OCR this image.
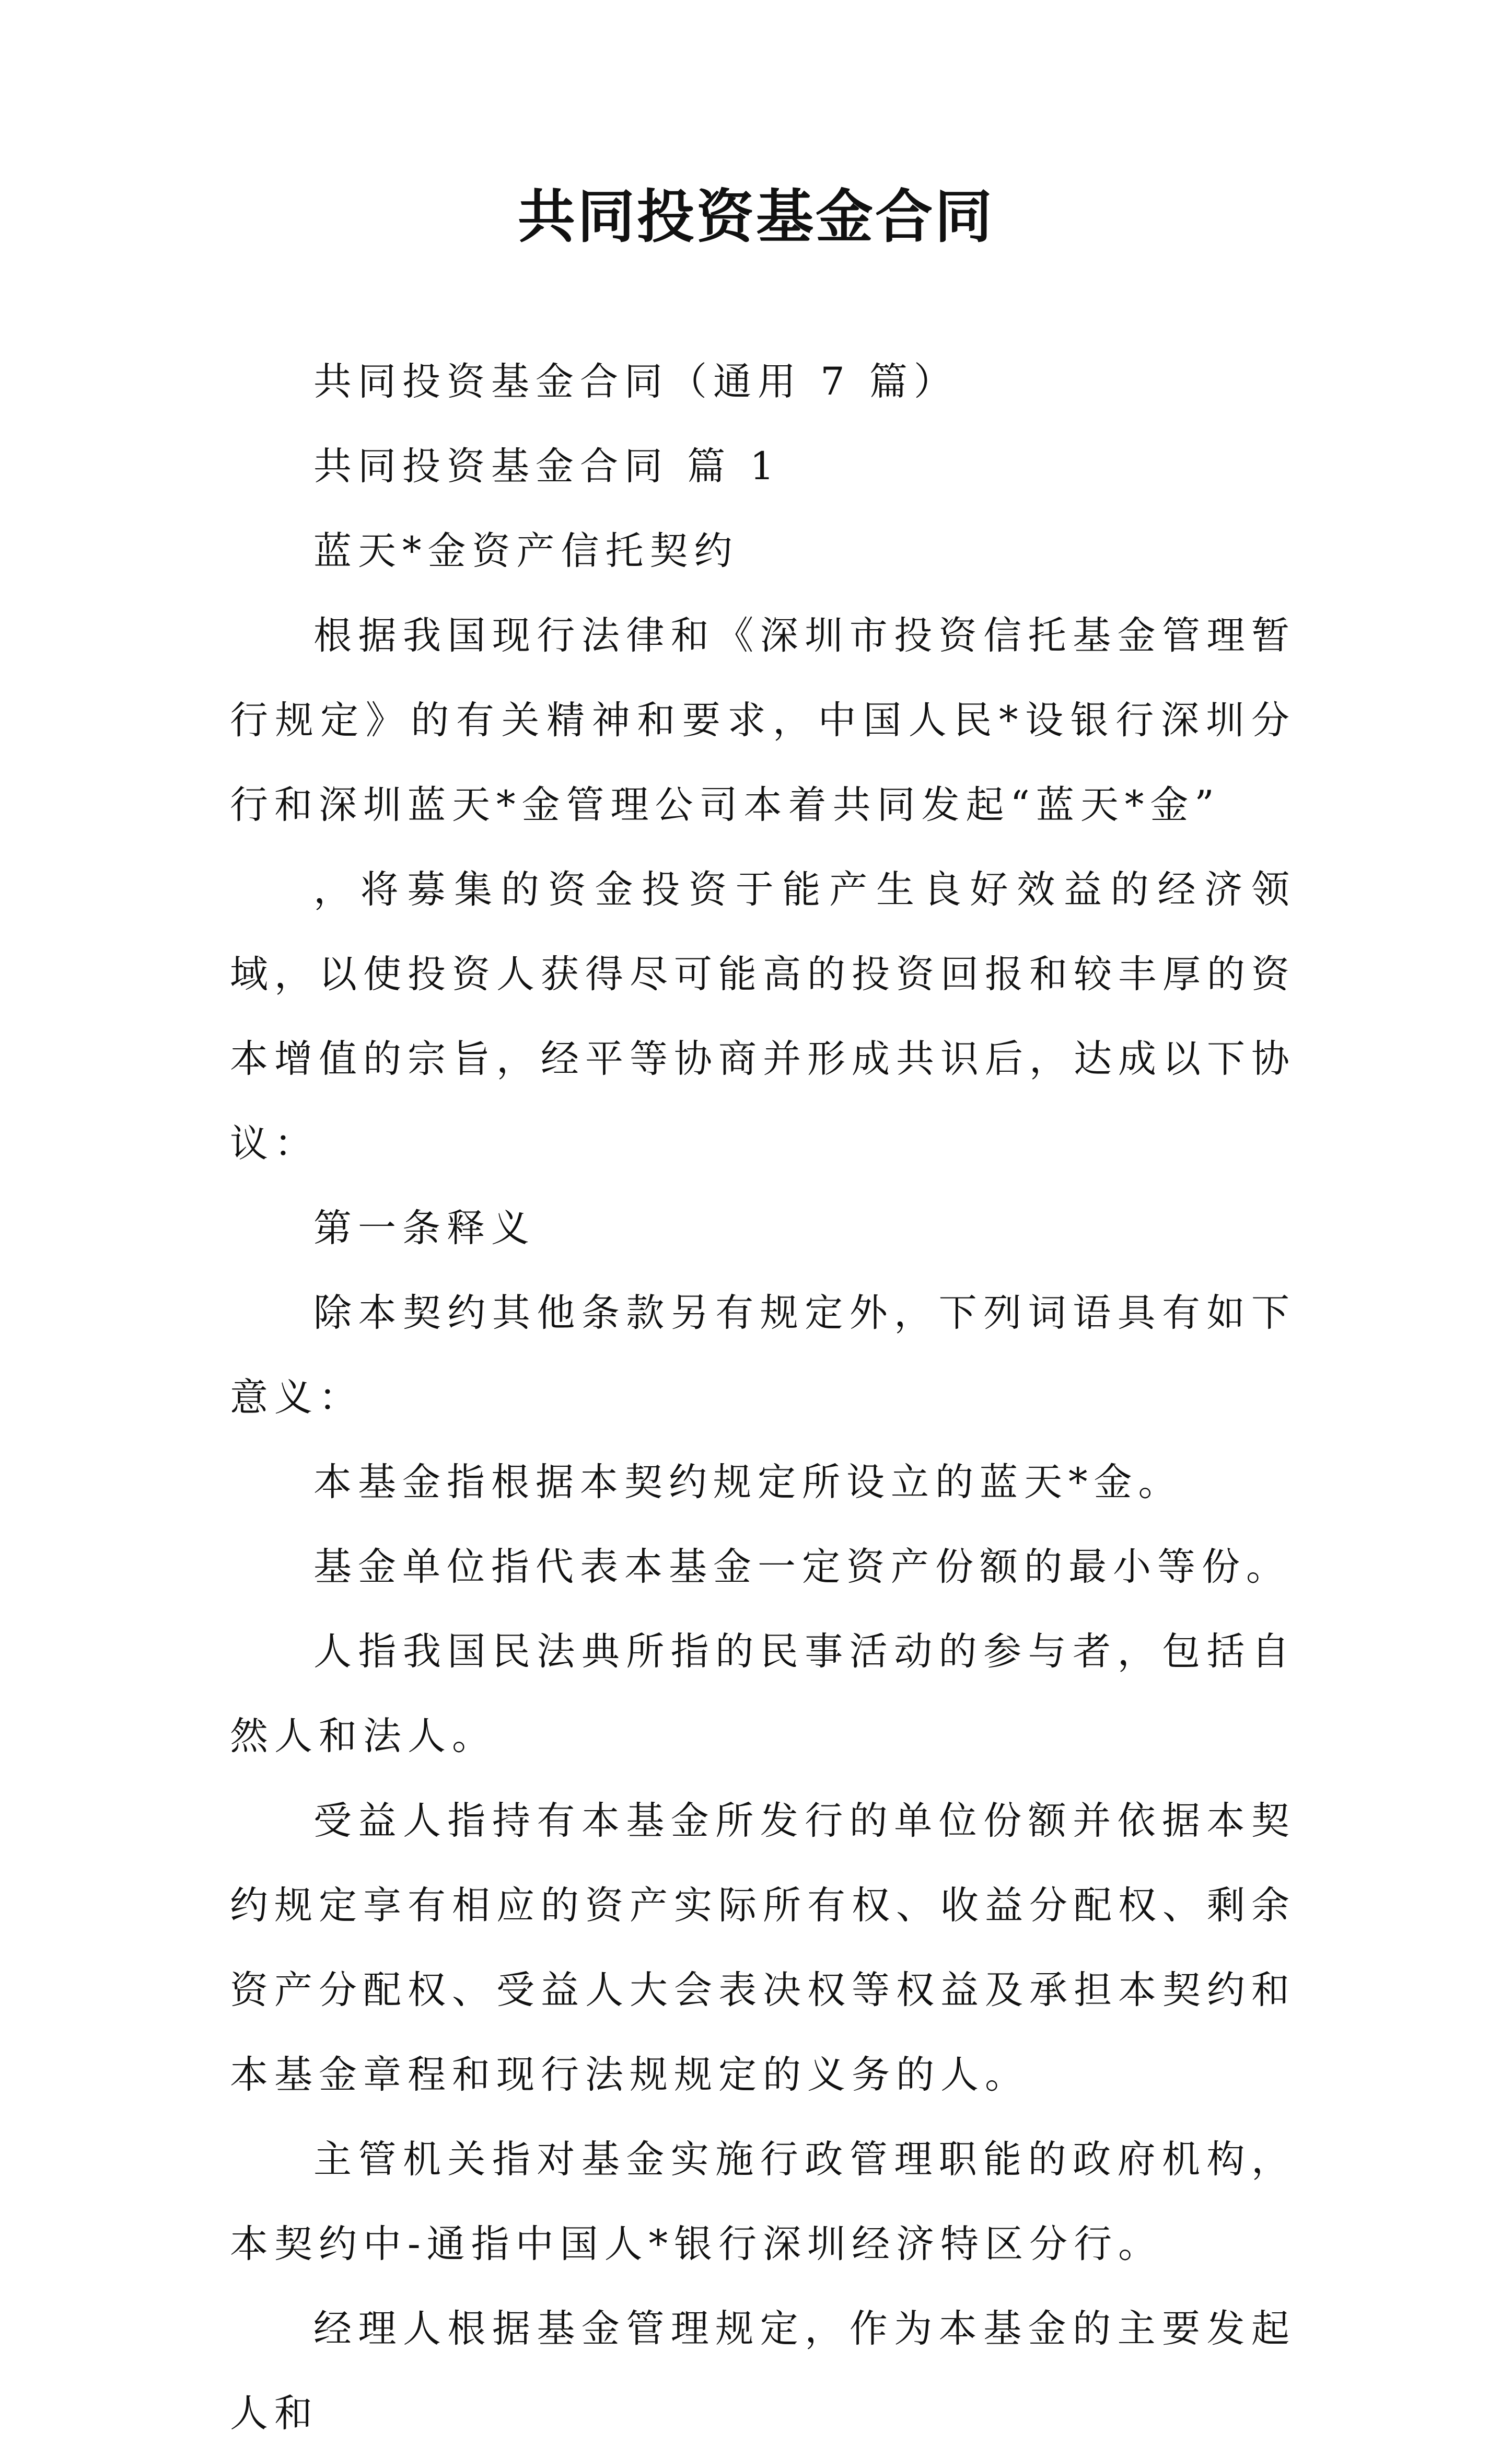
共同投资基金合同

共同投资基金合同（通用 7 篇）

共同投资基金合同 篇 1

蓝天*金资产信托契约

根据我国现行法律和《深圳市投资信托基金管理暂行规定》的有关精神和要求，中国人民*设银行深圳分行和深圳蓝天*金管理公司本着共同发起“蓝天*金”

，将募集的资金投资于能产生良好效益的经济领域，以使投资人获得尽可能高的投资回报和较丰厚的资本增值的宗旨，经平等协商并形成共识后，达成以下协议：

第一条释义

除本契约其他条款另有规定外，下列词语具有如下意义：

本基金指根据本契约规定所设立的蓝天*金。

基金单位指代表本基金一定资产份额的最小等份。

人指我国民法典所指的民事活动的参与者，包括自然人和法人。

受益人指持有本基金所发行的单位份额并依据本契约规定享有相应的资产实际所有权、收益分配权、剩余资产分配权、受益人大会表决权等权益及承担本契约和本基金章程和现行法规规定的义务的人。

主管机关指对基金实施行政管理职能的政府机构，本契约中-通指中国人*银行深圳经济特区分行。

经理人根据基金管理规定，作为本基金的主要发起人和
